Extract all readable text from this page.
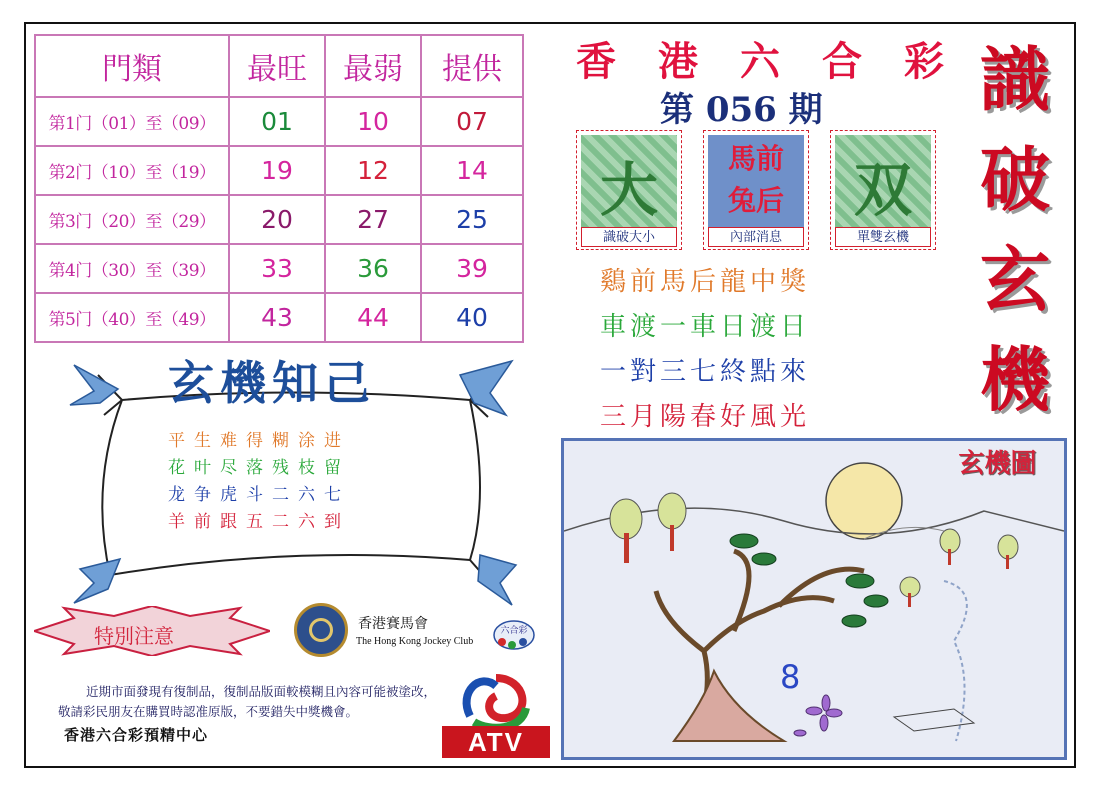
門類	最旺	最弱	提供
第1门（01）至（09）	01	10	07
第2门（10）至（19）	19	12	14
第3门（20）至（29）	20	27	25
第4门（30）至（39）	33	36	39
第5门（40）至（49）	43	44	40
香 港 六 合 彩
第 056 期 識
破
玄
機
大
識破大小
馬前
兔后
內部消息
双
單雙玄機
鷄前馬后龍中獎
車渡一車日渡日
一對三七終點來
三月陽春好風光
玄機知己
平生难得糊涂进
花叶尽落残枝留
龙争虎斗二六七
羊前跟五二六到
特別注意	香港賽馬會
The Hong Kong Jockey Club
六合彩
近期市面發現有復制品，復制品版面較模糊且內容可能被塗改，敬請彩民朋友在購買時認准原版，不要錯失中獎機會。
香港六合彩預精中心	ATV
玄機圖
8
